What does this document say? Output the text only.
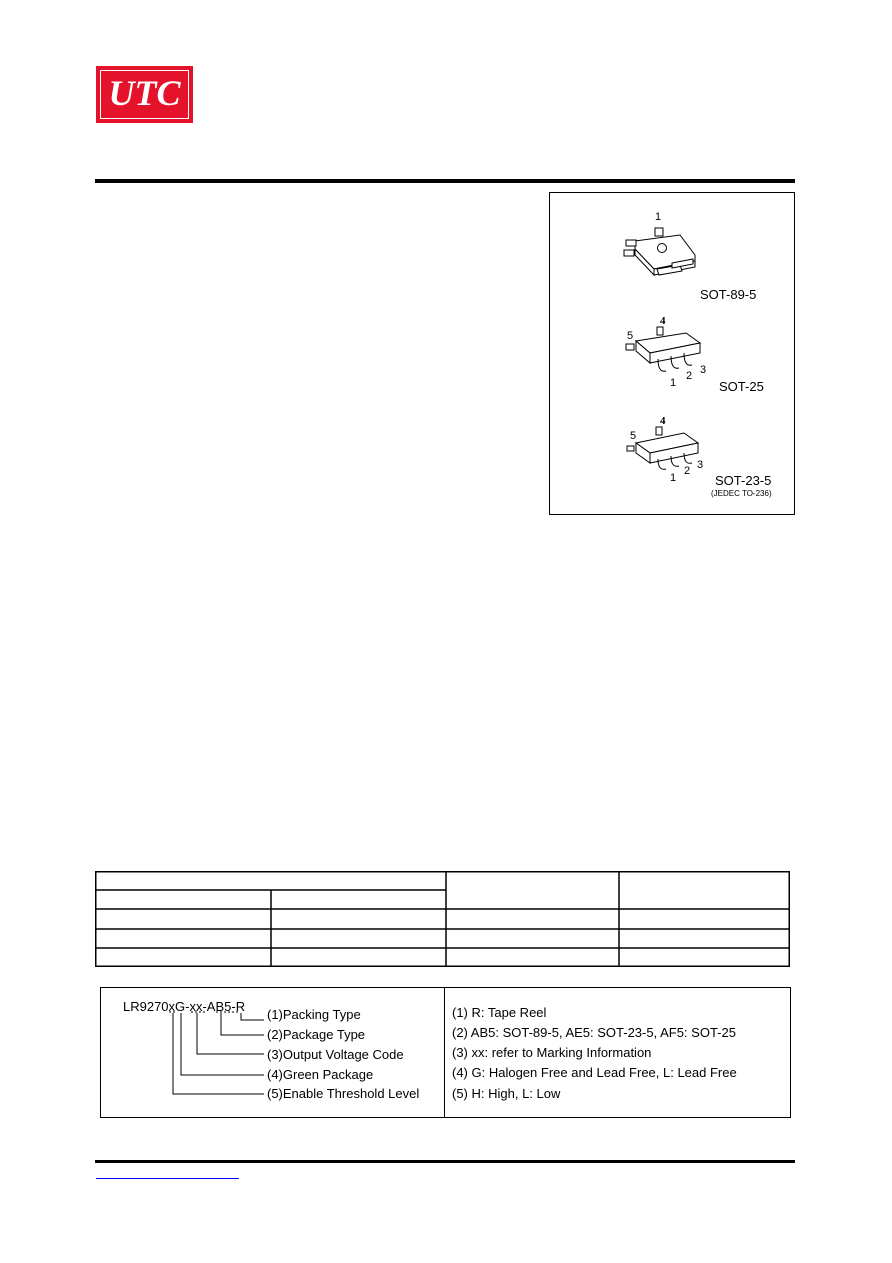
UTC
1
SOT-89-5
4
5
1
2 3
SOT-25
4
5
1
2 3
SOT-23-5
(JEDEC TO-236)
LR9270xG-xx-AB5-R
(1)Packing Type
(2)Package Type
(3)Output Voltage Code
(4)Green Package
(5)Enable Threshold Level
(1) R: Tape Reel
(2) AB5: SOT-89-5, AE5: SOT-23-5, AF5: SOT-25
(3) xx: refer to Marking Information
(4) G: Halogen Free and Lead Free, L: Lead Free
(5) H: High, L: Low
